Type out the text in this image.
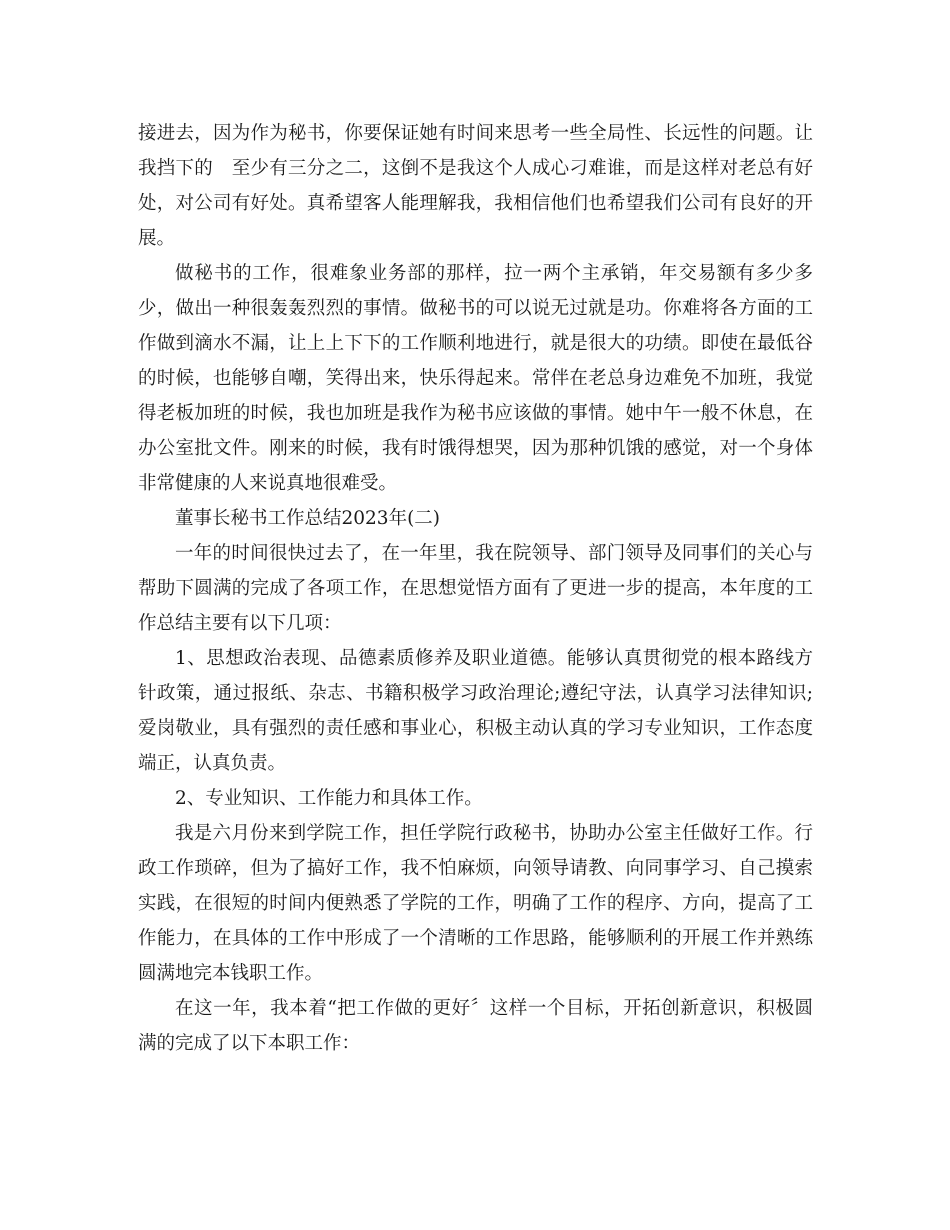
接进去，因为作为秘书，你要保证她有时间来思考一些全局性、长远性的问题。让我挡下的　至少有三分之二，这倒不是我这个人成心刁难谁，而是这样对老总有好处，对公司有好处。真希望客人能理解我，我相信他们也希望我们公司有良好的开展。

做秘书的工作，很难象业务部的那样，拉一两个主承销，年交易额有多少多少，做出一种很轰轰烈烈的事情。做秘书的可以说无过就是功。你难将各方面的工作做到滴水不漏，让上上下下的工作顺利地进行，就是很大的功绩。即使在最低谷的时候，也能够自嘲，笑得出来，快乐得起来。常伴在老总身边难免不加班，我觉得老板加班的时候，我也加班是我作为秘书应该做的事情。她中午一般不休息，在办公室批文件。刚来的时候，我有时饿得想哭，因为那种饥饿的感觉，对一个身体非常健康的人来说真地很难受。

董事长秘书工作总结2023年(二)

一年的时间很快过去了，在一年里，我在院领导、部门领导及同事们的关心与帮助下圆满的完成了各项工作，在思想觉悟方面有了更进一步的提高，本年度的工作总结主要有以下几项：

1、思想政治表现、品德素质修养及职业道德。能够认真贯彻党的根本路线方针政策，通过报纸、杂志、书籍积极学习政治理论;遵纪守法，认真学习法律知识;爱岗敬业，具有强烈的责任感和事业心，积极主动认真的学习专业知识，工作态度端正，认真负责。

2、专业知识、工作能力和具体工作。

我是六月份来到学院工作，担任学院行政秘书，协助办公室主任做好工作。行政工作琐碎，但为了搞好工作，我不怕麻烦，向领导请教、向同事学习、自己摸索实践，在很短的时间内便熟悉了学院的工作，明确了工作的程序、方向，提高了工作能力，在具体的工作中形成了一个清晰的工作思路，能够顺利的开展工作并熟练圆满地完本钱职工作。

在这一年，我本着“把工作做的更好〞这样一个目标，开拓创新意识，积极圆满的完成了以下本职工作：
